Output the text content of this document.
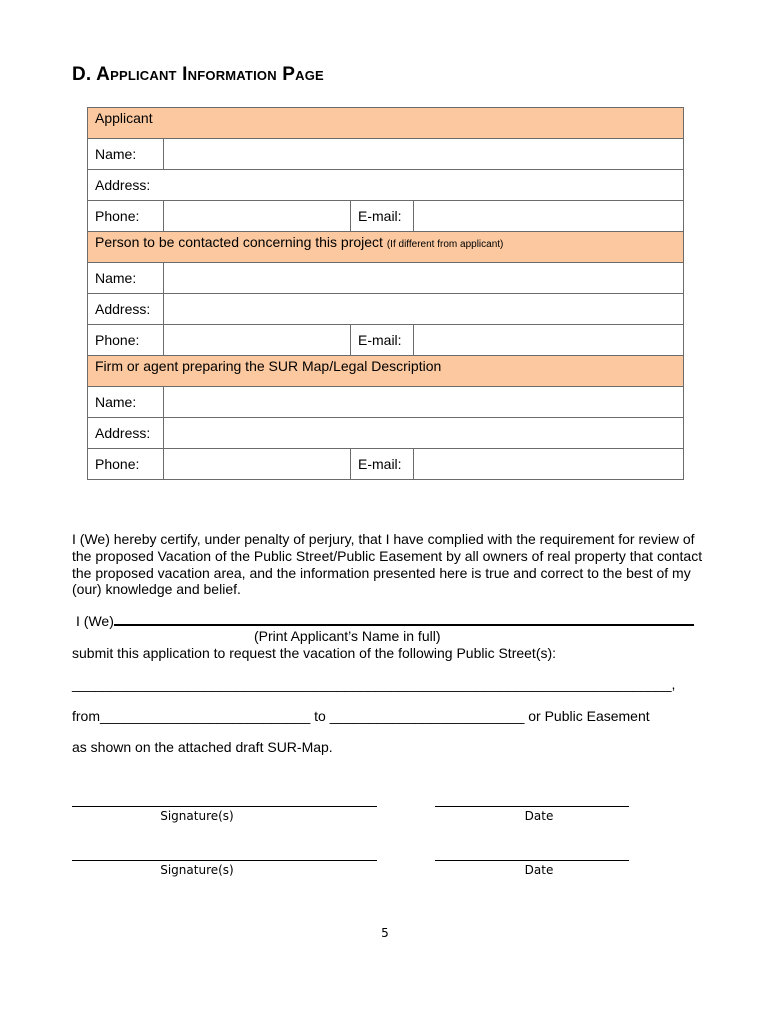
D. Applicant Information Page
Applicant			
Name:			
Address:			
Phone:		E-mail:	
Person to be contacted concerning this project (If different from applicant)			
Name:			
Address:			
Phone:		E-mail:	
Firm or agent preparing the SUR Map/Legal Description			
Name:			
Address:			
Phone:		E-mail:	

I (We) hereby certify, under penalty of perjury, that I have complied with the requirement for review of the proposed Vacation of the Public Street/Public Easement by all owners of real property that contact the proposed vacation area, and the information presented here is true and correct to the best of my (our) knowledge and belief.

I (We)
(Print Applicant’s Name in full)
submit this application to request the vacation of the following Public Street(s):
_____________________________________________________________________________,
from___________________________ to _________________________ or Public Easement
as shown on the attached draft SUR-Map.
Signature(s)	Date
Signature(s)	Date
5
